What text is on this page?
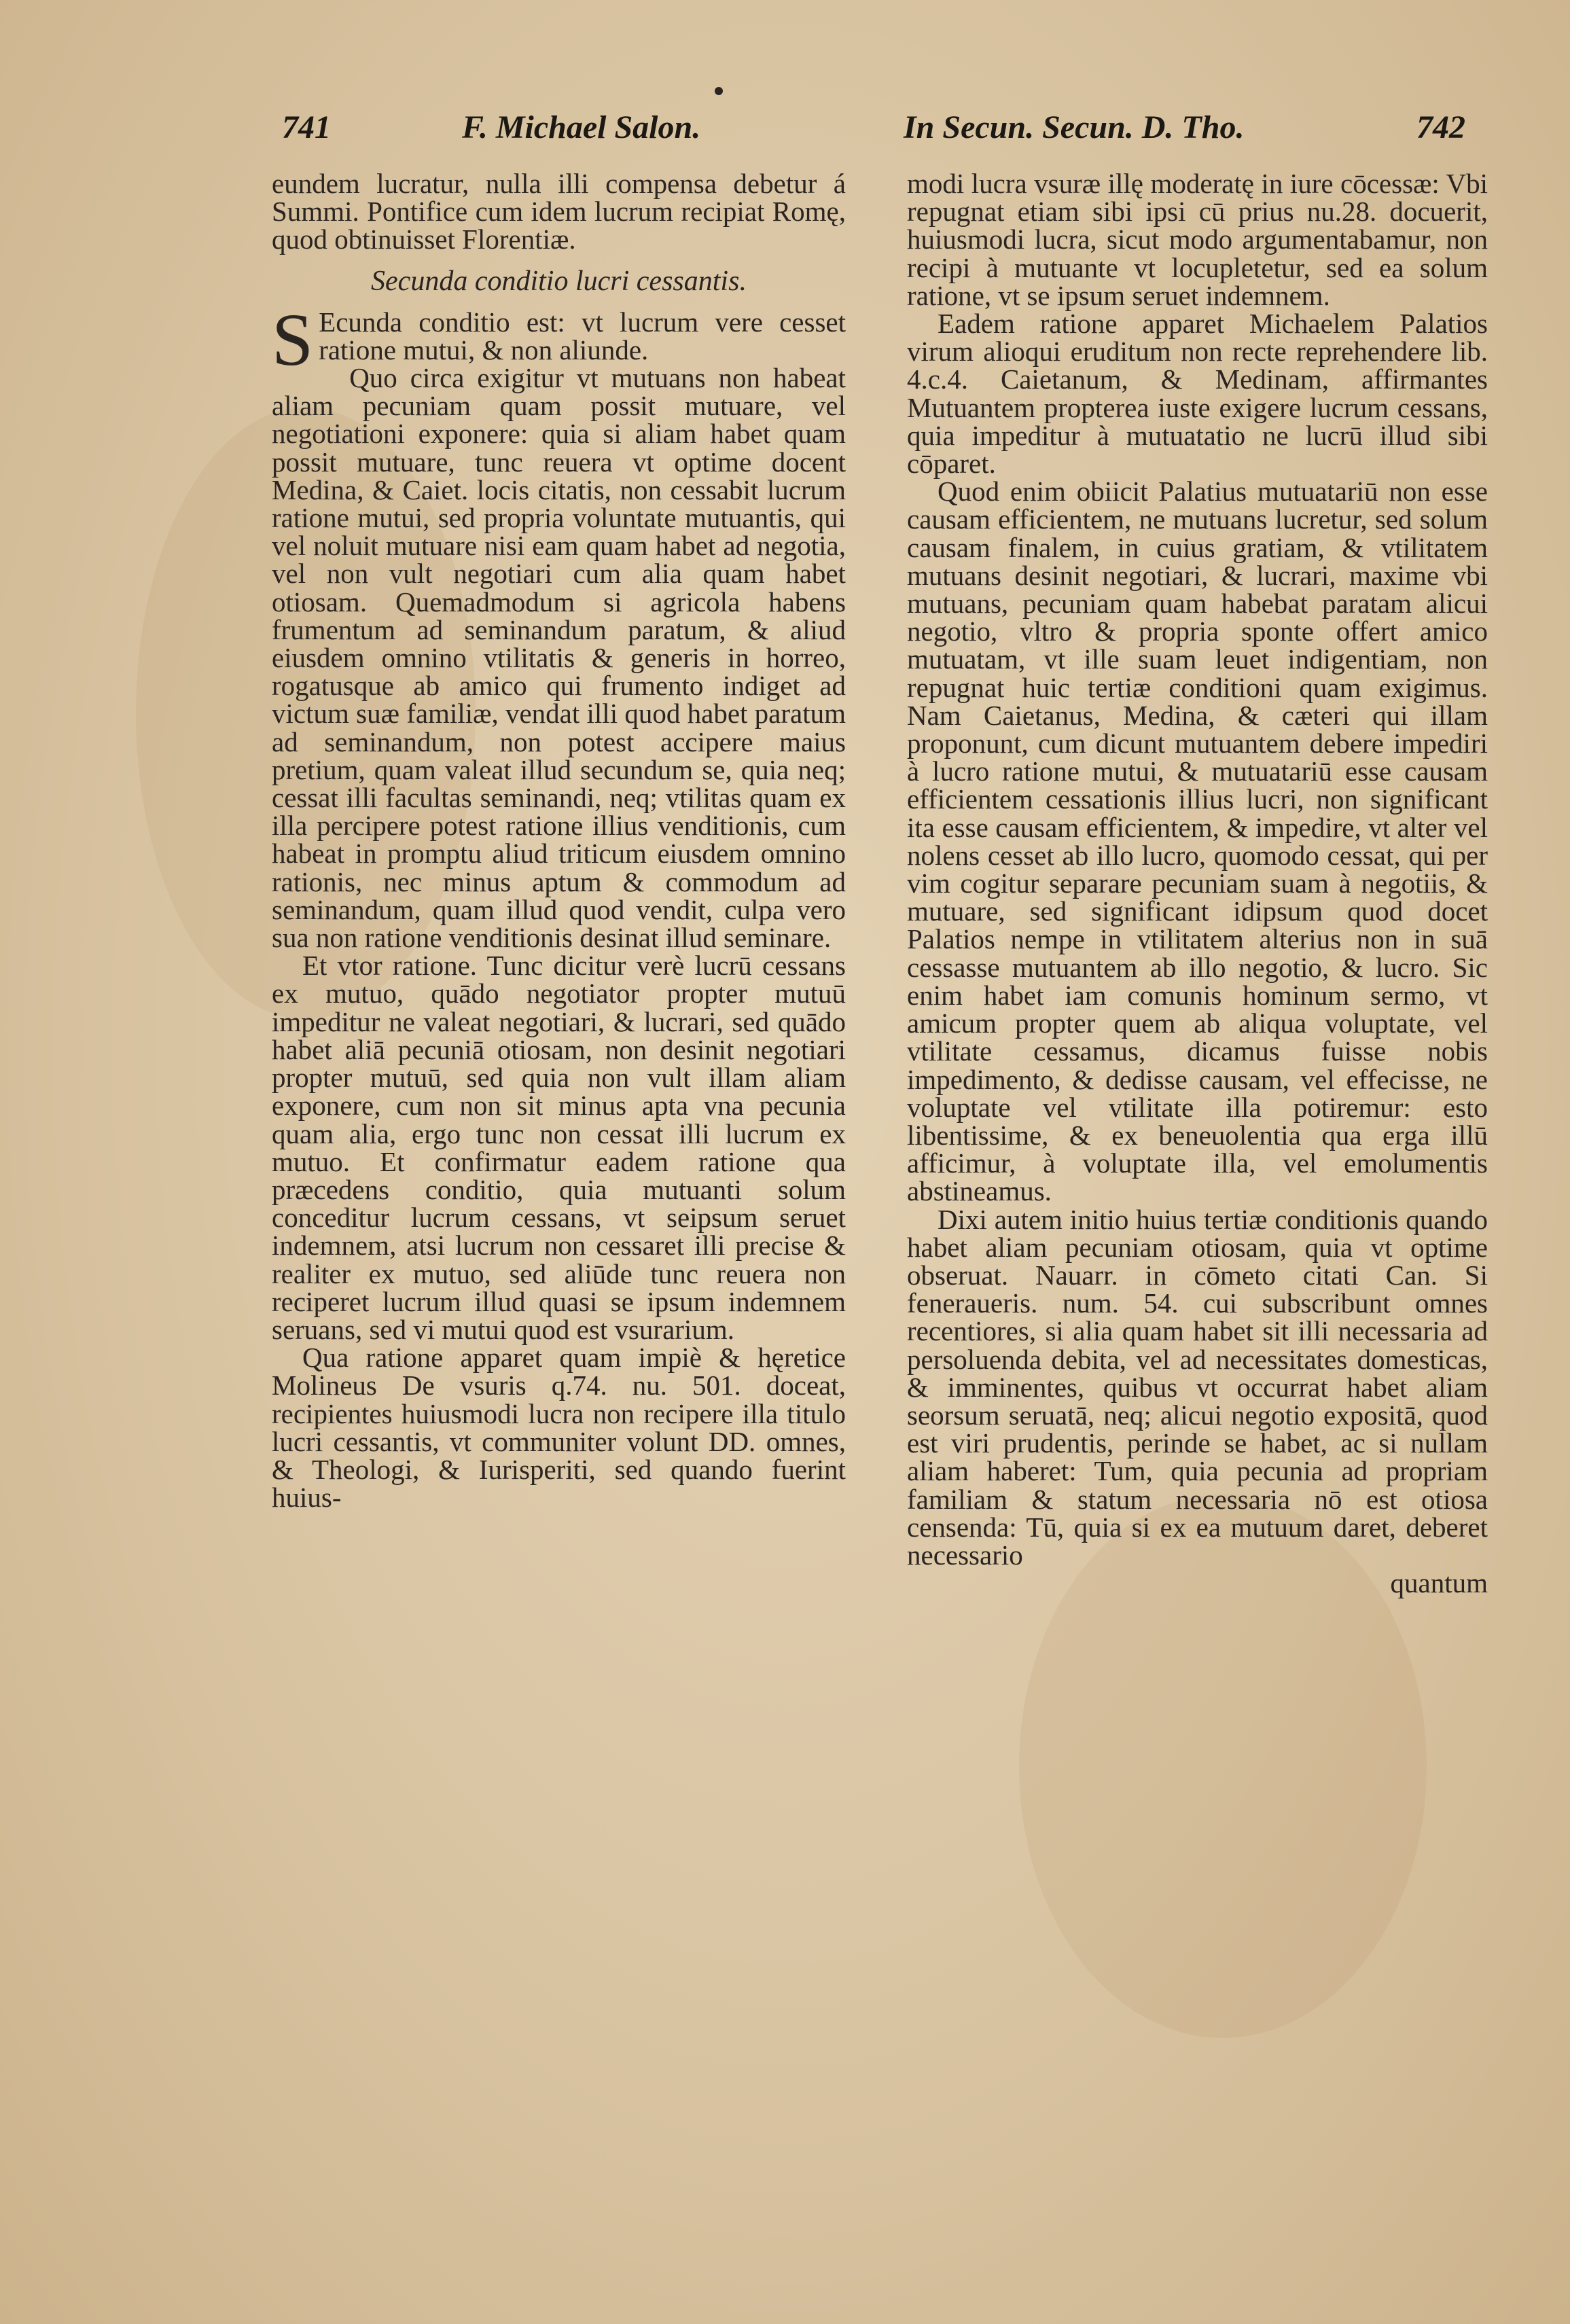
741	F. Michael Salon.	In Secun. Secun. D. Tho.	742

eundem lucratur, nulla illi compensa debetur á Summi. Pontifice cum idem lucrum recipiat Romę, quod obtinuisset Florentiæ.

Secunda conditio lucri cessantis.

S Ecunda conditio est: vt lucrum vere cesset ratione mutui, & non aliunde.

Quo circa exigitur vt mutuans non habeat aliam pecuniam quam possit mutuare, vel negotiationi exponere: quia si aliam habet quam possit mutuare, tunc reuera vt optime docent Medina, & Caiet. locis citatis, non cessabit lucrum ratione mutui, sed propria voluntate mutuantis, qui vel noluit mutuare nisi eam quam habet ad negotia, vel non vult negotiari cum alia quam habet otiosam. Quemadmodum si agricola habens frumentum ad seminandum paratum, & aliud eiusdem omnino vtilitatis & generis in horreo, rogatusque ab amico qui frumento indiget ad victum suæ familiæ, vendat illi quod habet paratum ad seminandum, non potest accipere maius pretium, quam valeat illud secundum se, quia neq; cessat illi facultas seminandi, neq; vtilitas quam ex illa percipere potest ratione illius venditionis, cum habeat in promptu aliud triticum eiusdem omnino rationis, nec minus aptum & commodum ad seminandum, quam illud quod vendit, culpa vero sua non ratione venditionis desinat illud seminare.

Et vtor ratione. Tunc dicitur verè lucrū cessans ex mutuo, quādo negotiator propter mutuū impeditur ne valeat negotiari, & lucrari, sed quādo habet aliā pecuniā otiosam, non desinit negotiari propter mutuū, sed quia non vult illam aliam exponere, cum non sit minus apta vna pecunia quam alia, ergo tunc non cessat illi lucrum ex mutuo. Et confirmatur eadem ratione qua præcedens conditio, quia mutuanti solum conceditur lucrum cessans, vt seipsum seruet indemnem, atsi lucrum non cessaret illi precise & realiter ex mutuo, sed aliūde tunc reuera non reciperet lucrum illud quasi se ipsum indemnem seruans, sed vi mutui quod est vsurarium.

Qua ratione apparet quam impiè & hęretice Molineus De vsuris q.74. nu. 501. doceat, recipientes huiusmodi lucra non recipere illa titulo lucri cessantis, vt communiter volunt DD. omnes, & Theologi, & Iurisperiti, sed quando fuerint huius-

modi lucra vsuræ illę moderatę in iure cōcessæ: Vbi repugnat etiam sibi ipsi cū prius nu.28. docuerit, huiusmodi lucra, sicut modo argumentabamur, non recipi à mutuante vt locupletetur, sed ea solum ratione, vt se ipsum seruet indemnem.

Eadem ratione apparet Michaelem Palatios virum alioqui eruditum non recte reprehendere lib. 4.c.4. Caietanum, & Medinam, affirmantes Mutuantem propterea iuste exigere lucrum cessans, quia impeditur à mutuatatio ne lucrū illud sibi cōparet.

Quod enim obiicit Palatius mutuatariū non esse causam efficientem, ne mutuans lucretur, sed solum causam finalem, in cuius gratiam, & vtilitatem mutuans desinit negotiari, & lucrari, maxime vbi mutuans, pecuniam quam habebat paratam alicui negotio, vltro & propria sponte offert amico mutuatam, vt ille suam leuet indigentiam, non repugnat huic tertiæ conditioni quam exigimus. Nam Caietanus, Medina, & cæteri qui illam proponunt, cum dicunt mutuantem debere impediri à lucro ratione mutui, & mutuatariū esse causam efficientem cessationis illius lucri, non significant ita esse causam efficientem, & impedire, vt alter vel nolens cesset ab illo lucro, quomodo cessat, qui per vim cogitur separare pecuniam suam à negotiis, & mutuare, sed significant idipsum quod docet Palatios nempe in vtilitatem alterius non in suā cessasse mutuantem ab illo negotio, & lucro. Sic enim habet iam comunis hominum sermo, vt amicum propter quem ab aliqua voluptate, vel vtilitate cessamus, dicamus fuisse nobis impedimento, & dedisse causam, vel effecisse, ne voluptate vel vtilitate illa potiremur: esto libentissime, & ex beneuolentia qua erga illū afficimur, à voluptate illa, vel emolumentis abstineamus.

Dixi autem initio huius tertiæ conditionis quando habet aliam pecuniam otiosam, quia vt optime obseruat. Nauarr. in cōmeto citati Can. Si feneraueris. num. 54. cui subscribunt omnes recentiores, si alia quam habet sit illi necessaria ad persoluenda debita, vel ad necessitates domesticas, & imminentes, quibus vt occurrat habet aliam seorsum seruatā, neq; alicui negotio expositā, quod est viri prudentis, perinde se habet, ac si nullam aliam haberet: Tum, quia pecunia ad propriam familiam & statum necessaria nō est otiosa censenda: Tū, quia si ex ea mutuum daret, deberet necessario

quantum
